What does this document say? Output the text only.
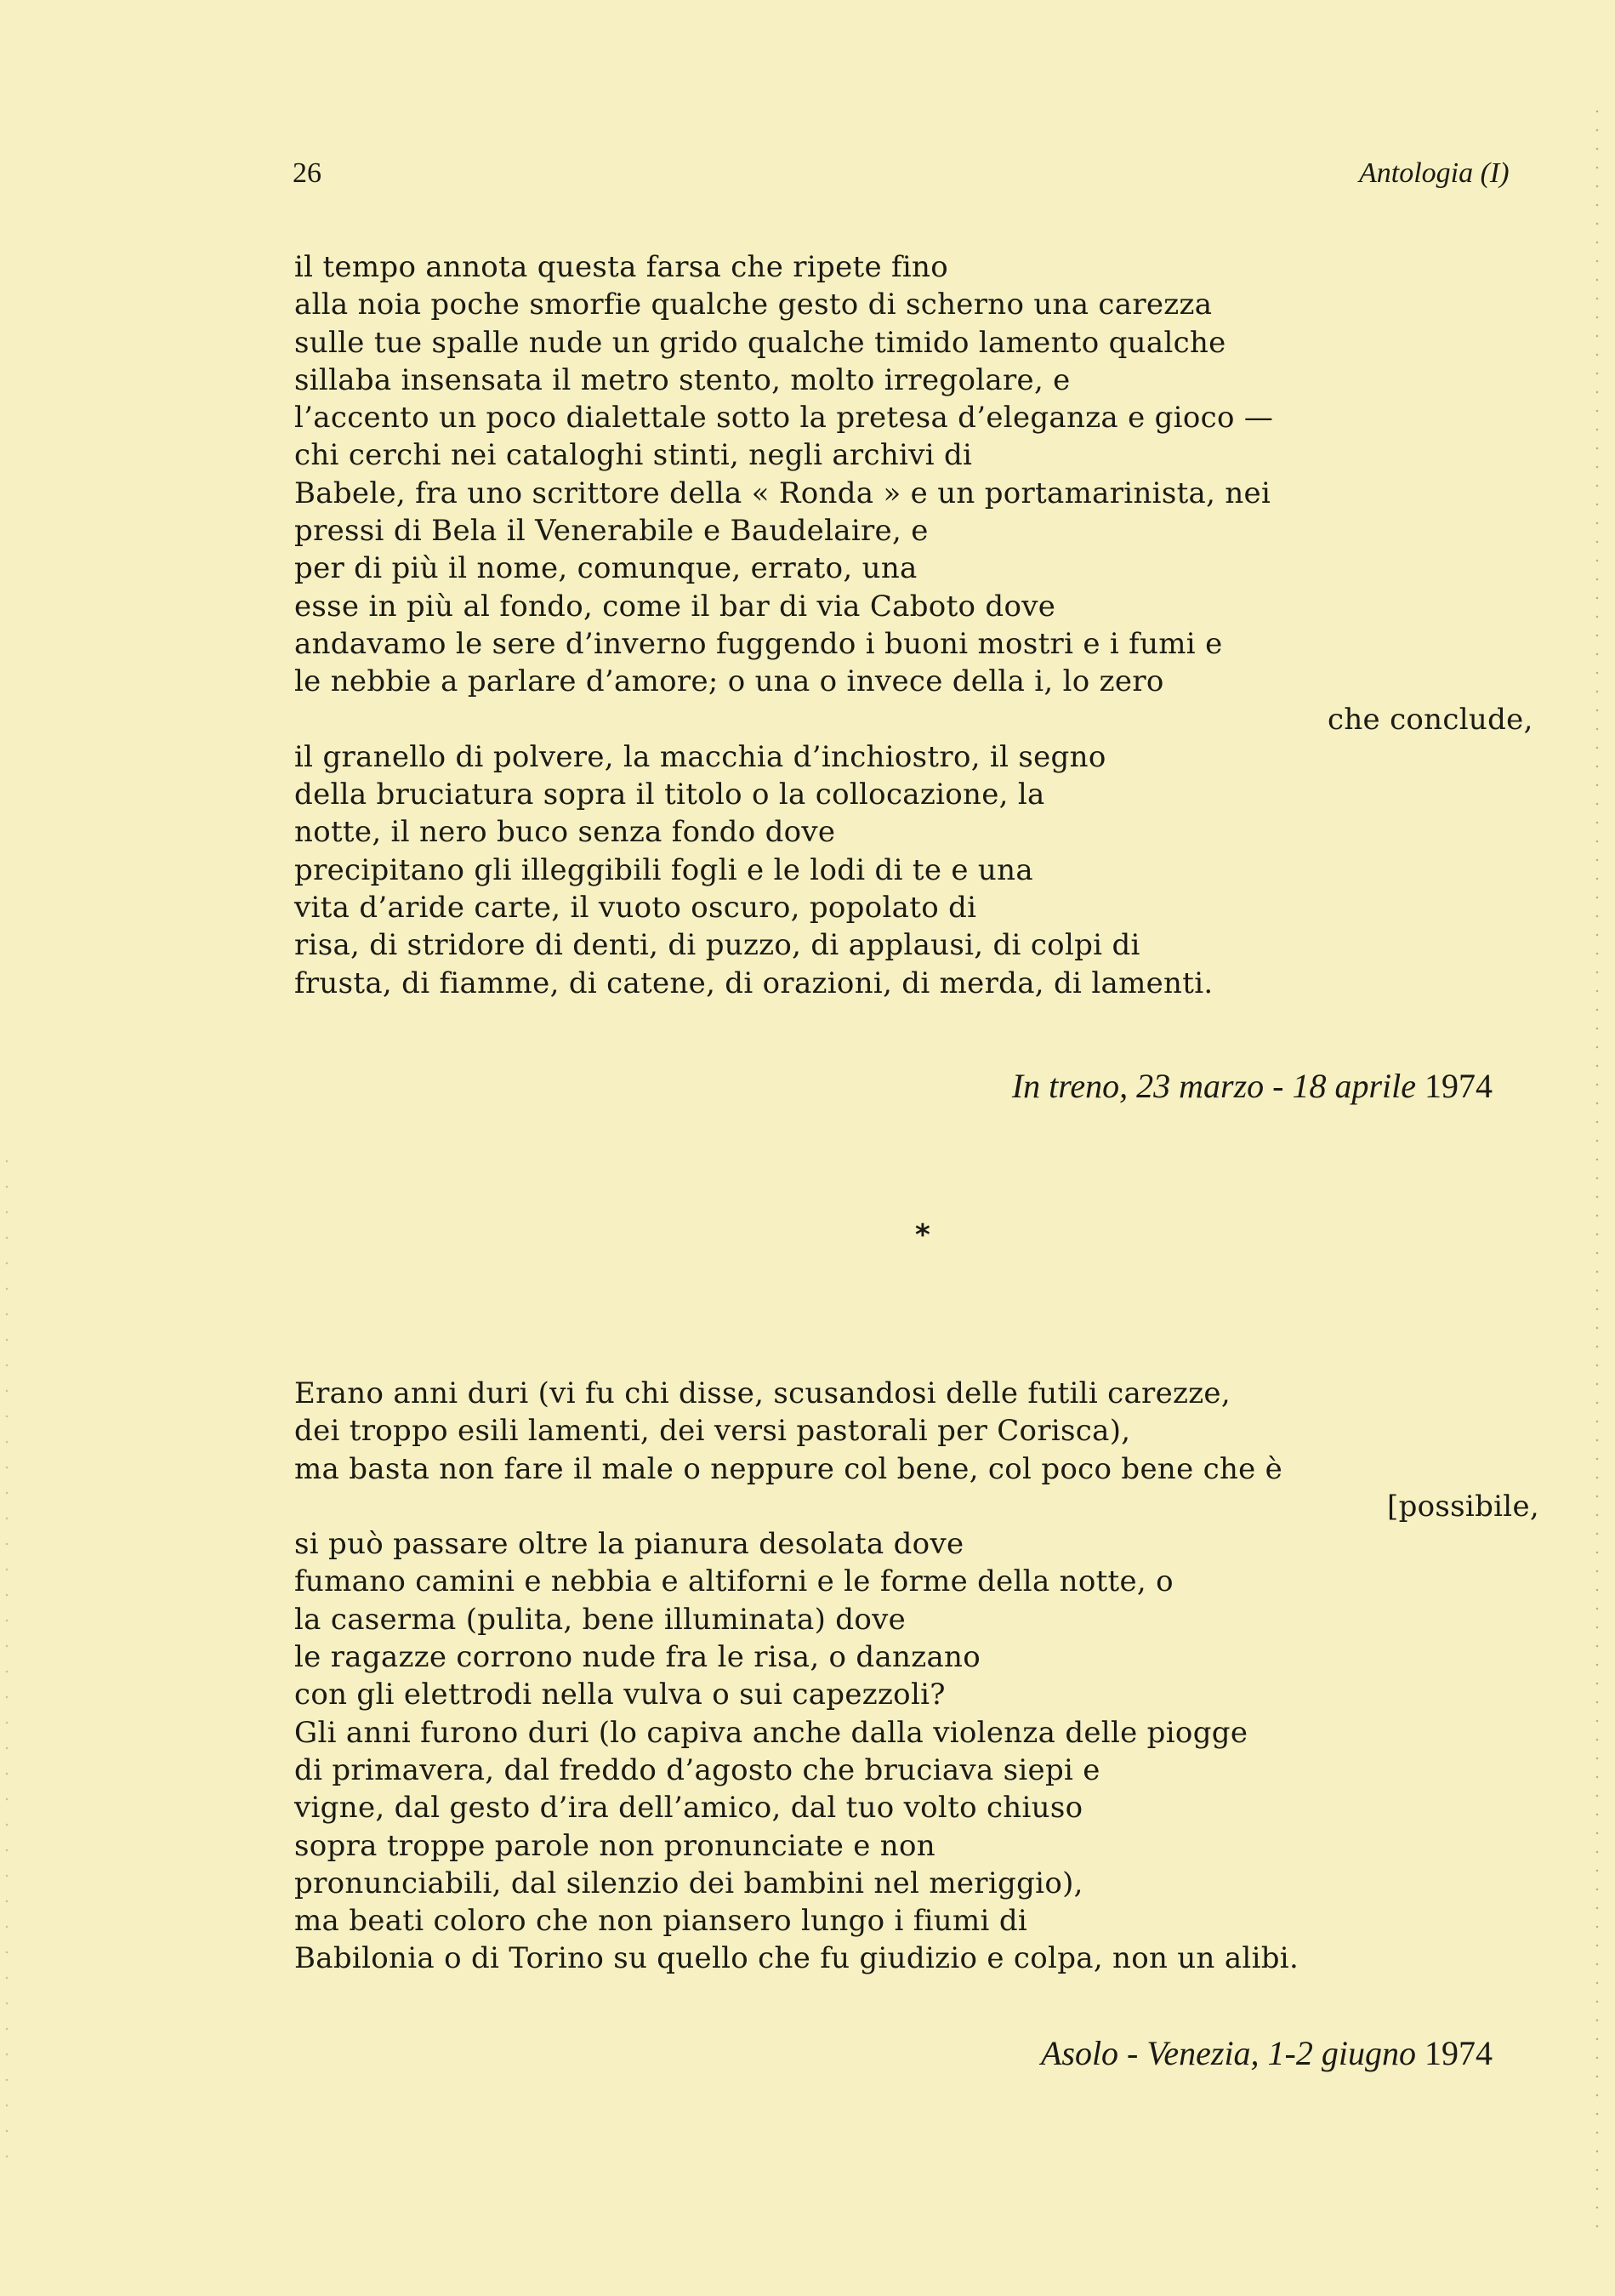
26	Antologia (I)
il tempo annota questa farsa che ripete fino
alla noia poche smorfie qualche gesto di scherno una carezza
sulle tue spalle nude un grido qualche timido lamento qualche
sillaba insensata il metro stento, molto irregolare, e
l’accento un poco dialettale sotto la pretesa d’eleganza e gioco —
chi cerchi nei cataloghi stinti, negli archivi di
Babele, fra uno scrittore della « Ronda » e un portamarinista, nei
pressi di Bela il Venerabile e Baudelaire, e
per di più il nome, comunque, errato, una
esse in più al fondo, come il bar di via Caboto dove
andavamo le sere d’inverno fuggendo i buoni mostri e i fumi e
le nebbie a parlare d’amore; o una o invece della i, lo zero
che conclude,
il granello di polvere, la macchia d’inchiostro, il segno
della bruciatura sopra il titolo o la collocazione, la
notte, il nero buco senza fondo dove
precipitano gli illeggibili fogli e le lodi di te e una
vita d’aride carte, il vuoto oscuro, popolato di
risa, di stridore di denti, di puzzo, di applausi, di colpi di
frusta, di fiamme, di catene, di orazioni, di merda, di lamenti.
In treno, 23 marzo - 18 aprile 1974
*
Erano anni duri (vi fu chi disse, scusandosi delle futili carezze,
dei troppo esili lamenti, dei versi pastorali per Corisca),
ma basta non fare il male o neppure col bene, col poco bene che è
[possibile,
si può passare oltre la pianura desolata dove
fumano camini e nebbia e altiforni e le forme della notte, o
la caserma (pulita, bene illuminata) dove
le ragazze corrono nude fra le risa, o danzano
con gli elettrodi nella vulva o sui capezzoli?
Gli anni furono duri (lo capiva anche dalla violenza delle piogge
di primavera, dal freddo d’agosto che bruciava siepi e
vigne, dal gesto d’ira dell’amico, dal tuo volto chiuso
sopra troppe parole non pronunciate e non
pronunciabili, dal silenzio dei bambini nel meriggio),
ma beati coloro che non piansero lungo i fiumi di
Babilonia o di Torino su quello che fu giudizio e colpa, non un alibi.
Asolo - Venezia, 1-2 giugno 1974
